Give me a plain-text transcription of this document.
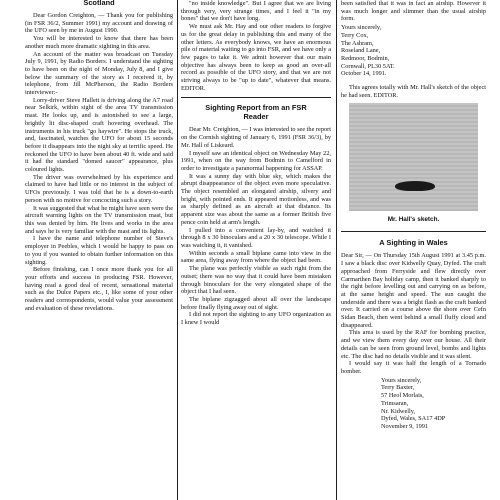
Scotland

Dear Gordon Creighton, — Thank you for publishing (in FSR 36/2, Summer 1991) my account and drawing of the UFO seen by me in August 1990.

You will be interested to know that there has been another much more dramatic sighting in this area.

An account of the matter was broadcast on Tuesday July 9, 1991, by Radio Borders. I understand the sighting to have been on the night of Monday, July 8, and I give below the summary of the story as I received it, by telephone, from Jill McPherson, the Radio Borders interviewer:-

Lorry-driver Steve Hallett is driving along the A7 road near Selkirk, within sight of the area TV transmission mast. He looks up, and is astonished to see a large, brightly lit disc-shaped craft hovering overhead. The instruments in his truck "go haywire". He stops the truck, and, fascinated, watches the UFO for about 15 seconds before it disappears into the night sky at terrific speed. He reckoned the UFO to have been about 40 ft. wide and said it had the standard "domed saucer" appearance, plus coloured lights.

The driver was overwhelmed by his experience and claimed to have had little or no interest in the subject of UFOs previously. I was told that he is a down-to-earth person with no motive for concocting such a story.

It was suggested that what he might have seen were the aircraft warning lights on the TV transmission mast, but this was denied by him. He lives and works in the area and says he is very familiar with the mast and its lights.

I have the name and telephone number of Steve's employer in Peebles, which I would be happy to pass on to you if you wanted to obtain further information on this sighting.

Before finishing, can I once more thank you for all your efforts and success in producing FSR. However, having read a good deal of recent, sensational material such as the Dulce Papers etc., I, like some of your other readers and correspondents, would value your assessment and evaluation of these revelations.

"no inside knowledge". But I agree that we are living through very, very strange times, and I feel it "in my bones" that we don't have long.

We must ask Mr. Hay and our other readers to forgive us for the great delay in publishing this and many of the other letters. As everybody knows, we have an enormous pile of material waiting to go into FSR, and we have only a few pages to take it. We admit however that our main objective has always been to keep as good an over-all record as possible of the UFO story, and that we are not striving always to be "up to date", whatever that means. EDITOR.

Sighting Report from an FSR Reader

Dear Mr. Creighton, — I was interested to see the report on the Cornish sighting of January 6, 1991 (FSR 36/3), by Mr. Hall of Liskeard.

I myself saw an identical object on Wednesday May 22, 1991, when on the way from Bodmin to Camelford in order to investigate a paranormal happening for ASSAP.

It was a sunny day with blue sky, which makes the abrupt disappearance of the object even more speculative. The object resembled an elongated airship, silvery and bright, with pointed ends. It appeared motionless, and was as sharply defined as an aircraft at that distance. Its apparent size was about the same as a former British five pence coin held at arm's length.

I pulled into a convenient lay-by, and watched it through 8 x 30 binoculars and a 20 x 30 telescope. While I was watching it, it vanished.

Within seconds a small biplane came into view in the same area, flying away from where the object had been.

The plane was perfectly visible as such right from the outset; there was no way that it could have been mistaken through binoculars for the very elongated shape of the object that I had seen.

The biplane zigzagged about all over the landscape before finally flying away out of sight.

I did not report the sighting to any UFO organization as I knew I would

been satisfied that it was in fact an airship. However it was much longer and slimmer than the usual airship form.

Yours sincerely,

Terry Cox,

The Ashram,

Roseland Lane,

Redmoor, Bodmin,

Cornwall, PL30 5AT.

October 14, 1991.

This agrees totally with Mr. Hall's sketch of the object he had seen. EDITOR.

Mr. Hall's sketch.
A Sighting in Wales

Dear Sir, — On Thursday 15th August 1991 at 3.45 p.m. I saw a black disc over Kidwelly Quay, Dyfed. The craft approached from Ferryside and flew directly over Carmarthen Bay holiday camp, then it banked sharply to the right before levelling out and carrying on as before, at the same height and speed. The sun caught the underside and there was a bright flash as the craft banked over. It carried on a course above the shore over Cefn Sidan Beach, then went behind a small fluffy cloud and disappeared.

This area is used by the RAF for bombing practice, and we view them every day over our house. All their details can be seen from ground level, bombs and lights etc. The disc had no details visible and it was silent.

I would say it was half the length of a Tornado bomber.

Yours sincerely,

Terry Baxter,

57 Heol Morlais,

Trimsaran,

Nr. Kidwelly,

Dyfed, Wales, SA17 4DP

November 9, 1991
